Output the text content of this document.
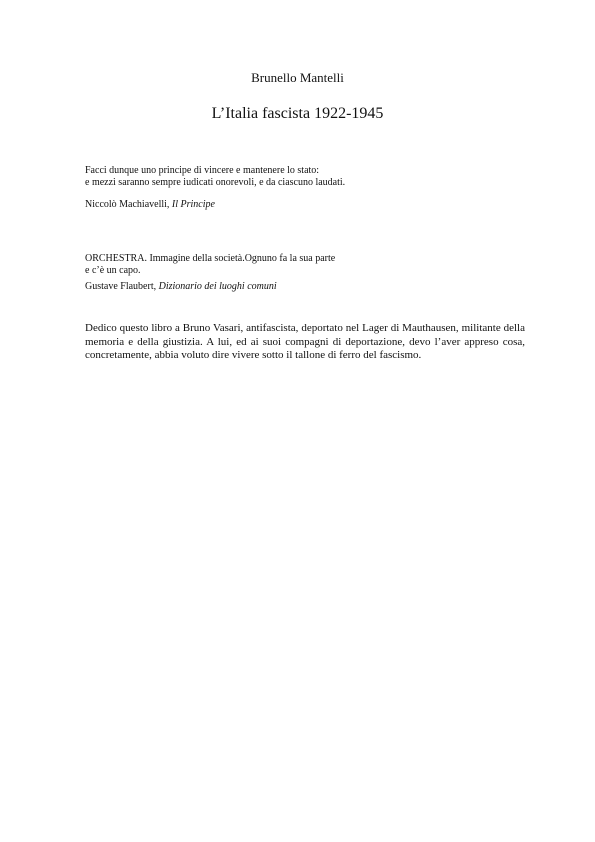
Brunello Mantelli
L’Italia fascista 1922-1945
Facci dunque uno principe di vincere e mantenere lo stato:
e mezzi saranno sempre iudicati onorevoli, e da ciascuno laudati.
Niccolò Machiavelli, Il Principe
ORCHESTRA. Immagine della società.Ognuno fa la sua parte
e c’è un capo.
Gustave Flaubert, Dizionario dei luoghi comuni
Dedico questo libro a Bruno Vasari, antifascista, deportato nel Lager di Mauthausen, militante della memoria e della giustizia. A lui, ed ai suoi compagni di deportazione, devo l’aver appreso cosa, concretamente, abbia voluto dire vivere sotto il tallone di ferro del fascismo.
